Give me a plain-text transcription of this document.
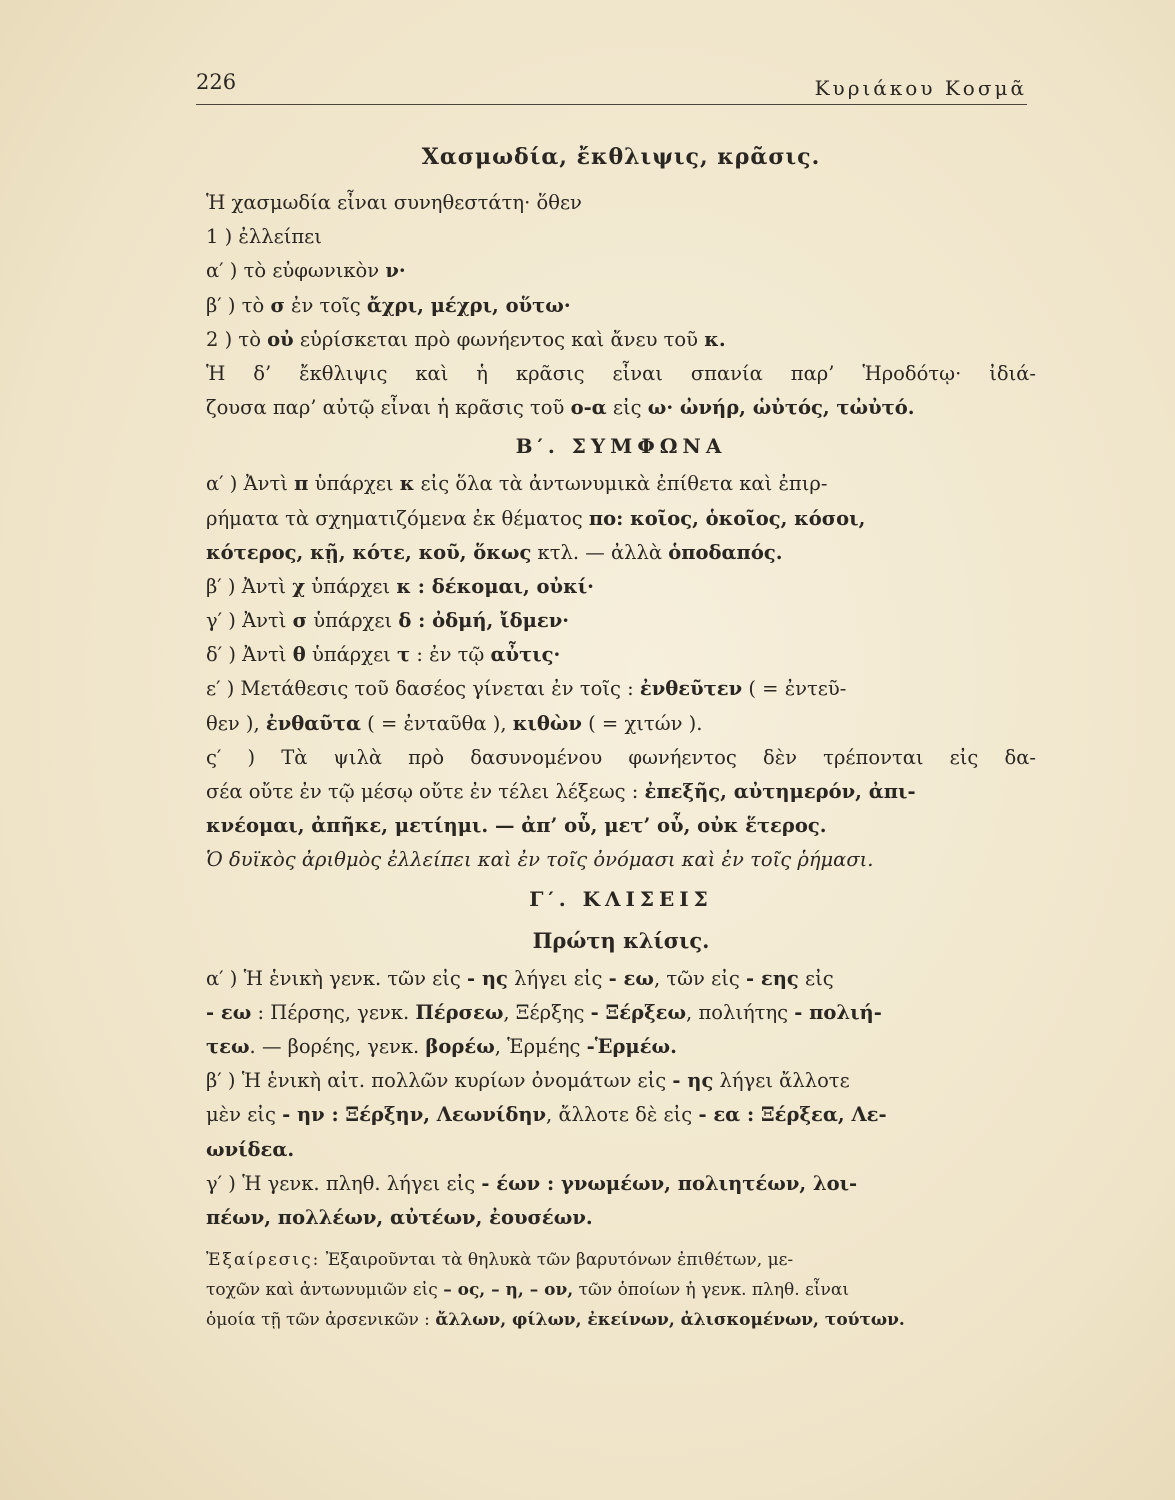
226	Κυριάκου Κοσμᾶ
Χασμωδία, ἔκθλιψις, κρᾶσις.
Ἡ χασμωδία εἶναι συνηθεστάτη· ὅθεν
1 ) ἐλλείπει
α′ ) τὸ εὐφωνικὸν ν·
β′ ) τὸ σ ἐν τοῖς ἄχρι, μέχρι, οὕτω·
2 ) τὸ οὐ εὑρίσκεται πρὸ φωνήεντος καὶ ἄνευ τοῦ κ.
Ἡ δ’ ἔκθλιψις καὶ ἡ κρᾶσις εἶναι σπανία παρ’ Ἡροδότῳ· ἰδιά-
ζουσα παρ’ αὐτῷ εἶναι ἡ κρᾶσις τοῦ ο-α εἰς ω· ὠνήρ, ὡὐτός, τὠὐτό.
Β′. ΣΥΜΦΩΝΑ
α′ ) Ἀντὶ π ὑπάρχει κ εἰς ὅλα τὰ ἀντωνυμικὰ ἐπίθετα καὶ ἐπιρ-
ρήματα τὰ σχηματιζόμενα ἐκ θέματος πο: κοῖος, ὁκοῖος, κόσοι,
κότερος, κῇ, κότε, κοῦ, ὅκως κτλ. — ἀλλὰ ὁποδαπός.
β′ ) Ἀντὶ χ ὑπάρχει κ : δέκομαι, οὐκί·
γ′ ) Ἀντὶ σ ὑπάρχει δ : ὀδμή, ἴδμεν·
δ′ ) Ἀντὶ θ ὑπάρχει τ : ἐν τῷ αὖτις·
ε′ ) Μετάθεσις τοῦ δασέος γίνεται ἐν τοῖς : ἐνθεῦτεν ( = ἐντεῦ-
θεν ), ἐνθαῦτα ( = ἐνταῦθα ), κιθὼν ( = χιτών ).
ς′ ) Τὰ ψιλὰ πρὸ δασυνομένου φωνήεντος δὲν τρέπονται εἰς δα-
σέα οὔτε ἐν τῷ μέσῳ οὔτε ἐν τέλει λέξεως : ἐπεξῆς, αὐτημερόν, ἀπι-
κνέομαι, ἀπῆκε, μετίημι. — ἀπ’ οὗ, μετ’ οὗ, οὐκ ἕτερος.
Ὁ δυϊκὸς ἀριθμὸς ἐλλείπει καὶ ἐν τοῖς ὀνόμασι καὶ ἐν τοῖς ῥήμασι.
Γ′. ΚΛΙΣΕΙΣ
Πρώτη κλίσις.
α′ ) Ἡ ἑνικὴ γενκ. τῶν εἰς - ης λήγει εἰς - εω, τῶν εἰς - εης εἰς
- εω : Πέρσης, γενκ. Πέρσεω, Ξέρξης - Ξέρξεω, πολιήτης - πολιή-
τεω. — βορέης, γενκ. βορέω, Ἑρμέης -Ἑρμέω.
β′ ) Ἡ ἑνικὴ αἰτ. πολλῶν κυρίων ὀνομάτων εἰς - ης λήγει ἄλλοτε
μὲν εἰς - ην : Ξέρξην, Λεωνίδην, ἄλλοτε δὲ εἰς - εα : Ξέρξεα, Λε-
ωνίδεα.
γ′ ) Ἡ γενκ. πληθ. λήγει εἰς - έων : γνωμέων, πολιητέων, λοι-
πέων, πολλέων, αὐτέων, ἐουσέων.
Ἐξαίρεσις: Ἐξαιροῦνται τὰ θηλυκὰ τῶν βαρυτόνων ἐπιθέτων, με-
τοχῶν καὶ ἀντωνυμιῶν εἰς – ος, – η, – ον, τῶν ὁποίων ἡ γενκ. πληθ. εἶναι
ὁμοία τῇ τῶν ἀρσενικῶν : ἄλλων, φίλων, ἐκείνων, ἀλισκομένων, τούτων.
